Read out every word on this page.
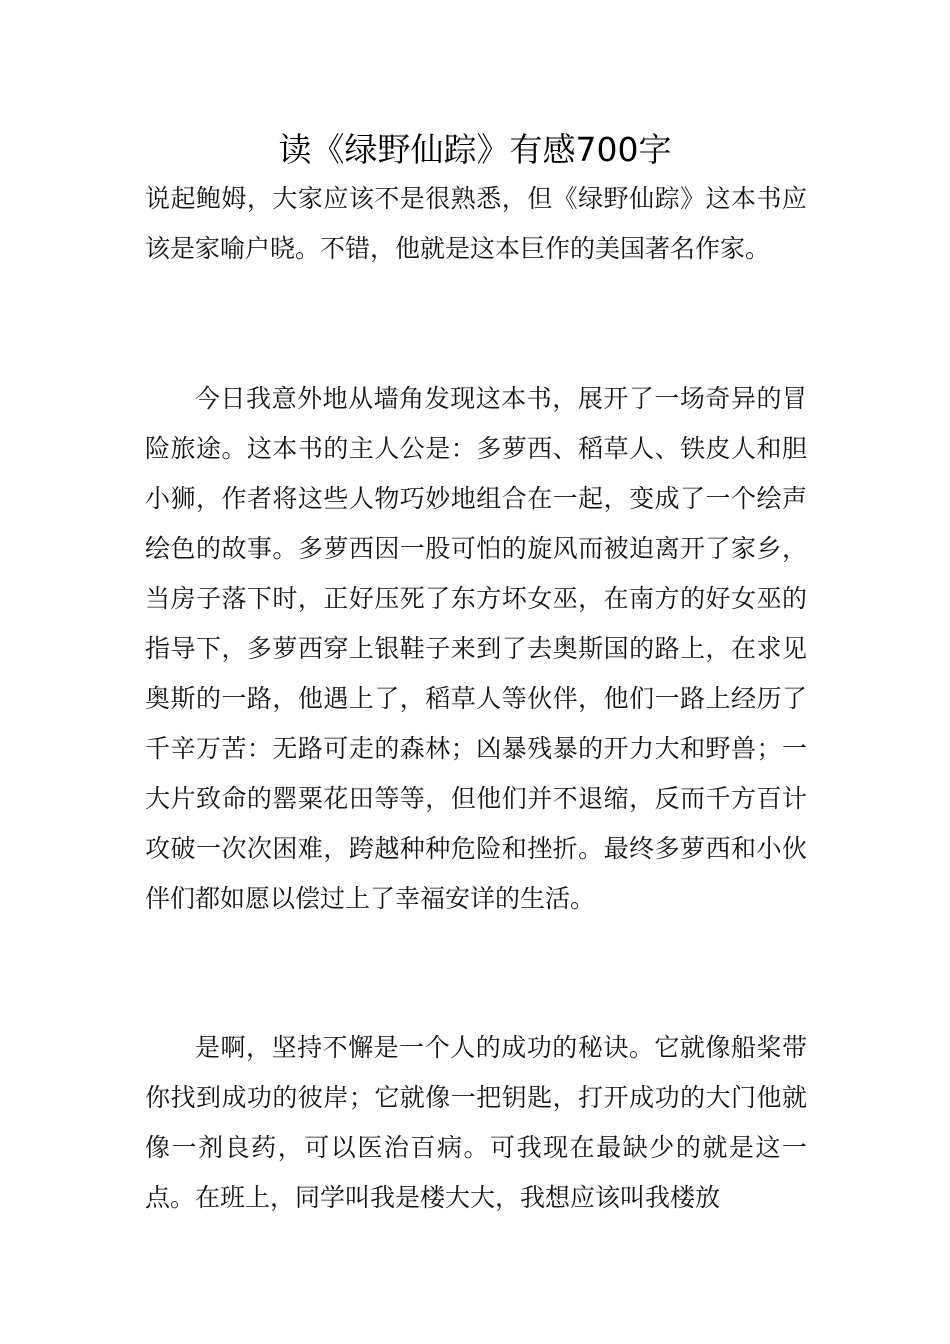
读《绿野仙踪》有感700字

说起鲍姆，大家应该不是很熟悉，但《绿野仙踪》这本书应该是家喻户晓。不错，他就是这本巨作的美国著名作家。

今日我意外地从墙角发现这本书，展开了一场奇异的冒险旅途。这本书的主人公是：多萝西、稻草人、铁皮人和胆小狮，作者将这些人物巧妙地组合在一起，变成了一个绘声绘色的故事。多萝西因一股可怕的旋风而被迫离开了家乡，当房子落下时，正好压死了东方坏女巫，在南方的好女巫的指导下，多萝西穿上银鞋子来到了去奥斯国的路上，在求见奥斯的一路，他遇上了，稻草人等伙伴，他们一路上经历了千辛万苦：无路可走的森林；凶暴残暴的开力大和野兽；一大片致命的罂粟花田等等，但他们并不退缩，反而千方百计攻破一次次困难，跨越种种危险和挫折。最终多萝西和小伙伴们都如愿以偿过上了幸福安详的生活。

是啊，坚持不懈是一个人的成功的秘诀。它就像船桨带你找到成功的彼岸；它就像一把钥匙，打开成功的大门他就像一剂良药，可以医治百病。可我现在最缺少的就是这一点。在班上，同学叫我是楼大大，我想应该叫我楼放
